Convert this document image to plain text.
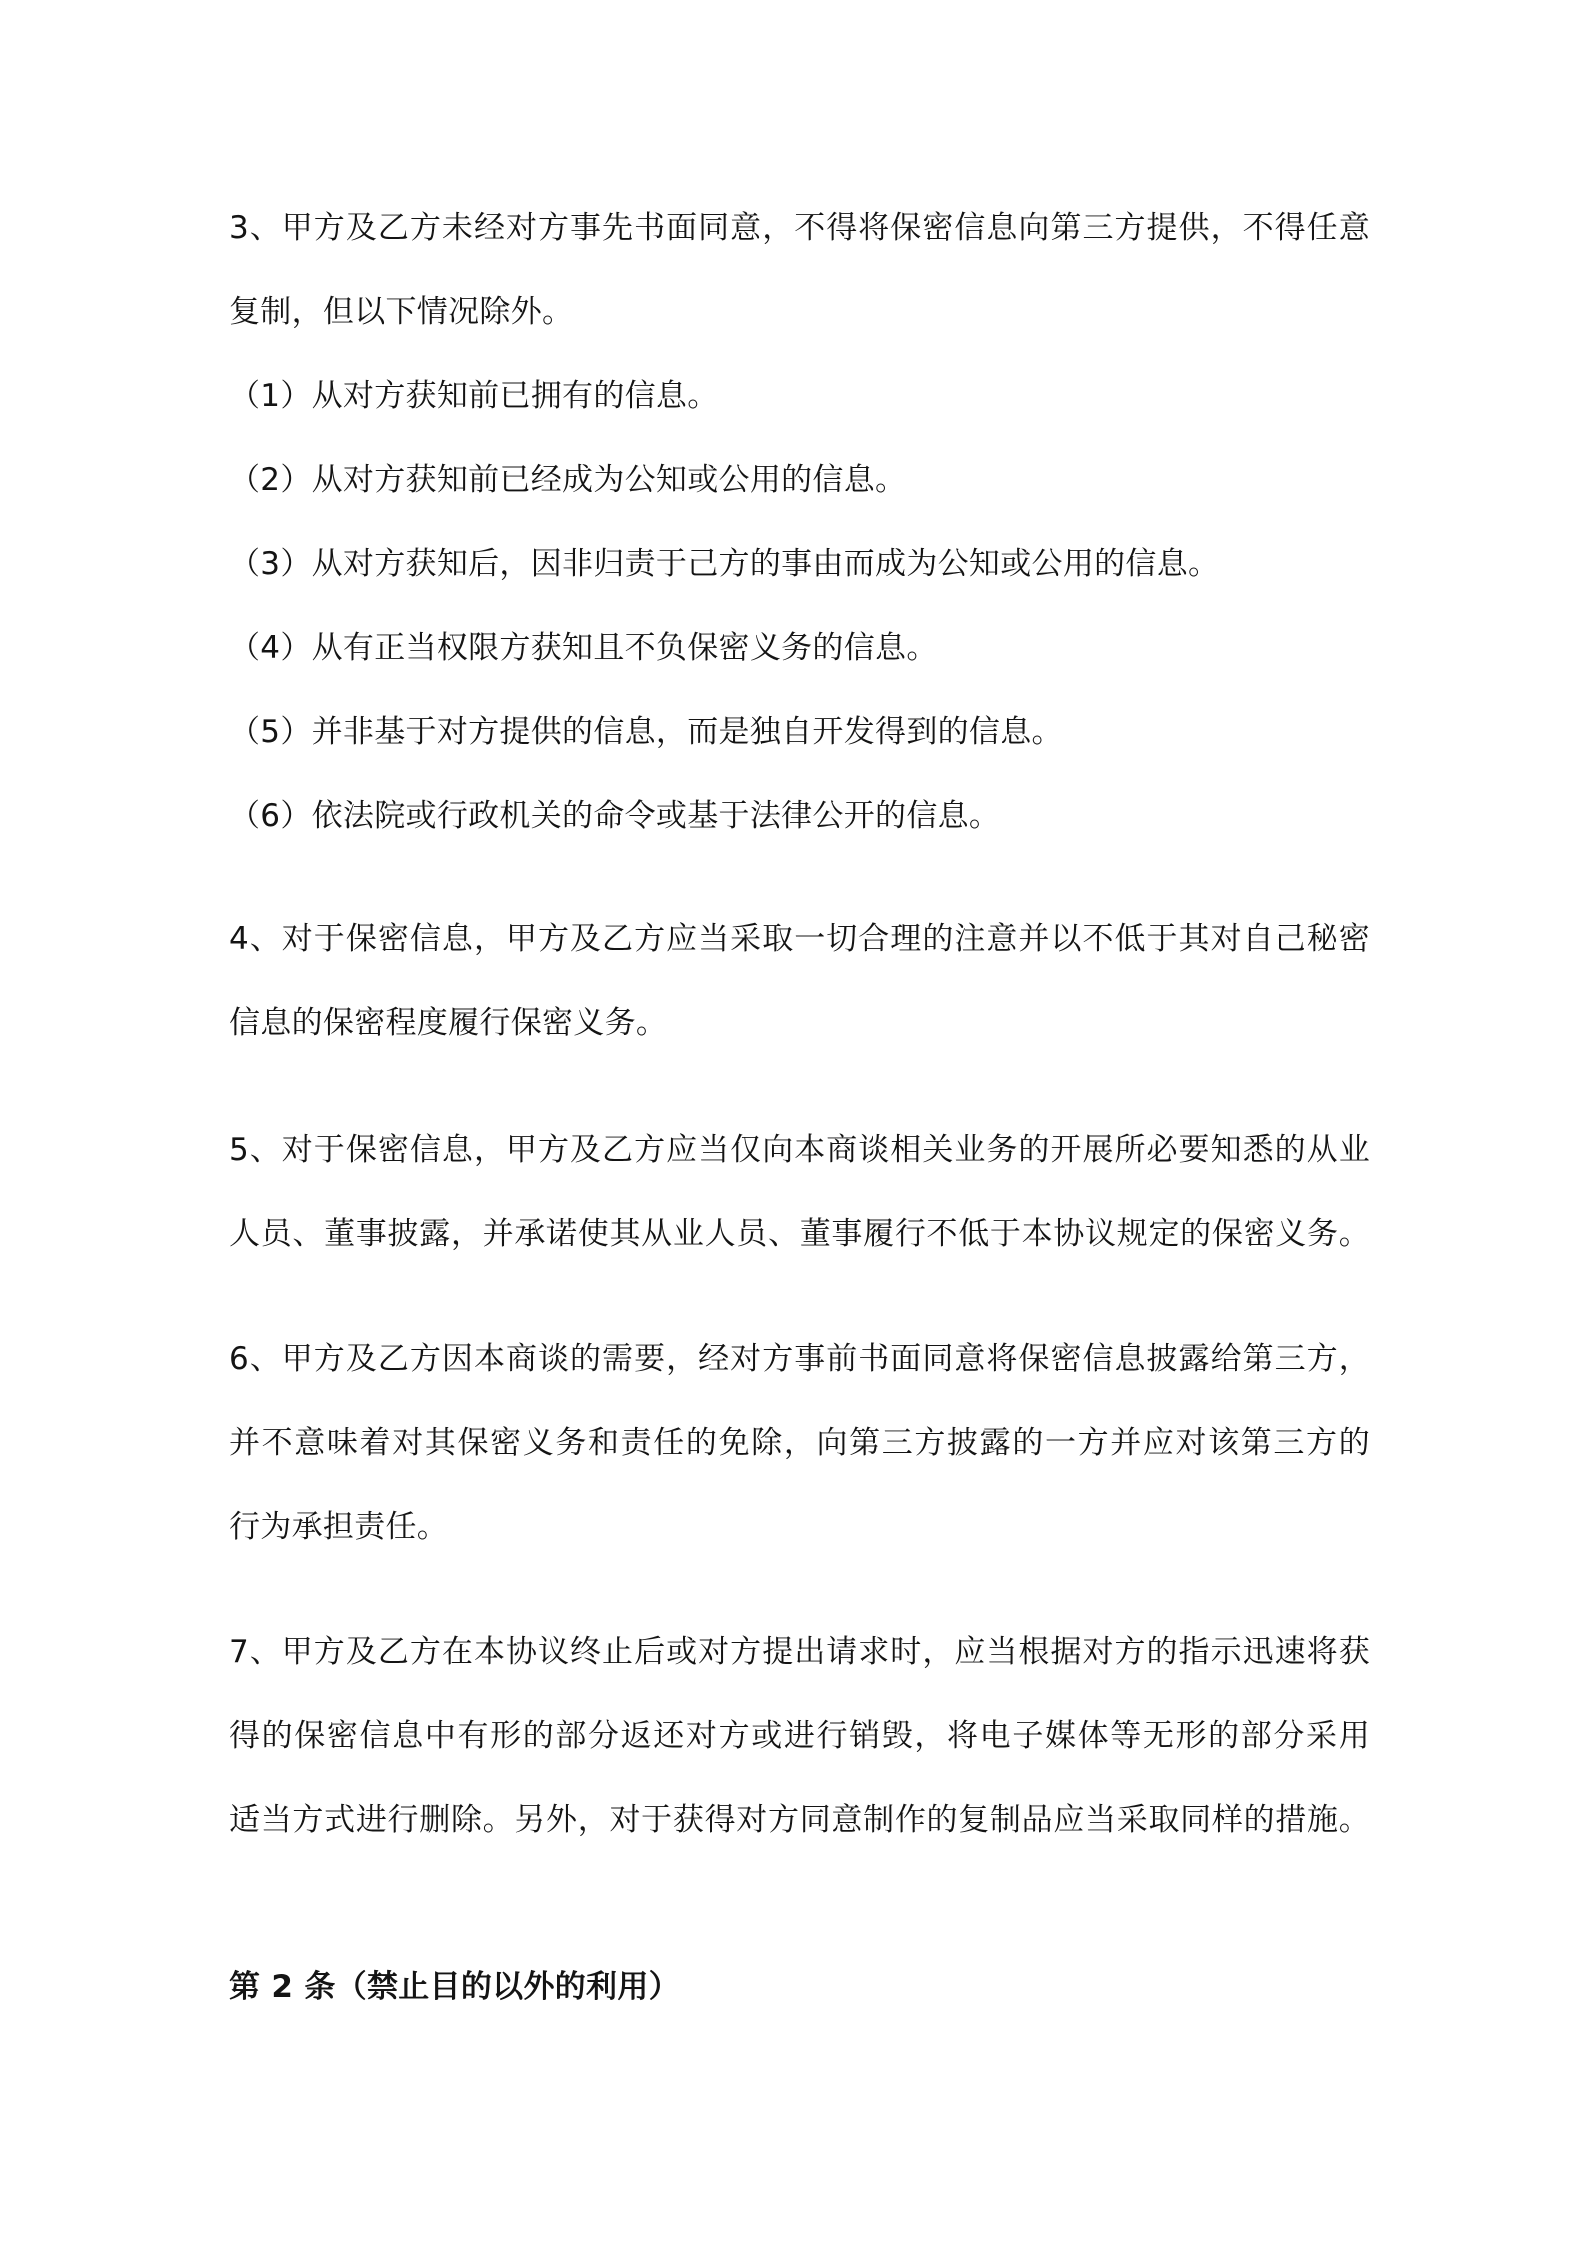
3、甲方及乙方未经对方事先书面同意，不得将保密信息向第三方提供，不得任意
复制，但以下情况除外。
（1）从对方获知前已拥有的信息。
（2）从对方获知前已经成为公知或公用的信息。
（3）从对方获知后，因非归责于己方的事由而成为公知或公用的信息。
（4）从有正当权限方获知且不负保密义务的信息。
（5）并非基于对方提供的信息，而是独自开发得到的信息。
（6）依法院或行政机关的命令或基于法律公开的信息。
4、对于保密信息，甲方及乙方应当采取一切合理的注意并以不低于其对自己秘密
信息的保密程度履行保密义务。
5、对于保密信息，甲方及乙方应当仅向本商谈相关业务的开展所必要知悉的从业
人员、董事披露，并承诺使其从业人员、董事履行不低于本协议规定的保密义务。
6、甲方及乙方因本商谈的需要，经对方事前书面同意将保密信息披露给第三方，
并不意味着对其保密义务和责任的免除，向第三方披露的一方并应对该第三方的
行为承担责任。
7、甲方及乙方在本协议终止后或对方提出请求时，应当根据对方的指示迅速将获
得的保密信息中有形的部分返还对方或进行销毁，将电子媒体等无形的部分采用
适当方式进行删除。另外，对于获得对方同意制作的复制品应当采取同样的措施。
第 2 条（禁止目的以外的利用）
